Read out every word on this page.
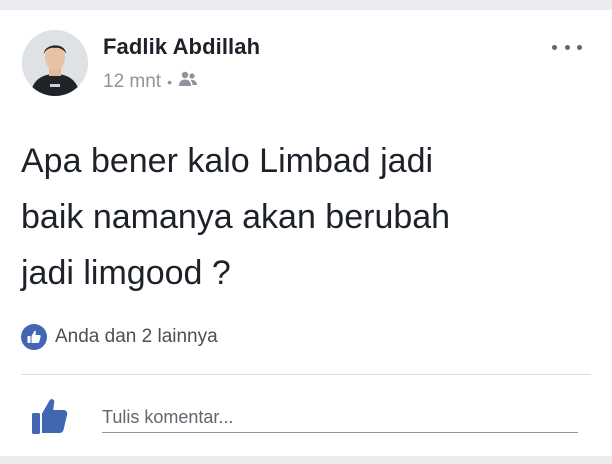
Fadlik Abdillah
12 mnt •
Apa bener kalo Limbad jadi
baik namanya akan berubah
jadi limgood ?
Anda dan 2 lainnya
Tulis komentar...
